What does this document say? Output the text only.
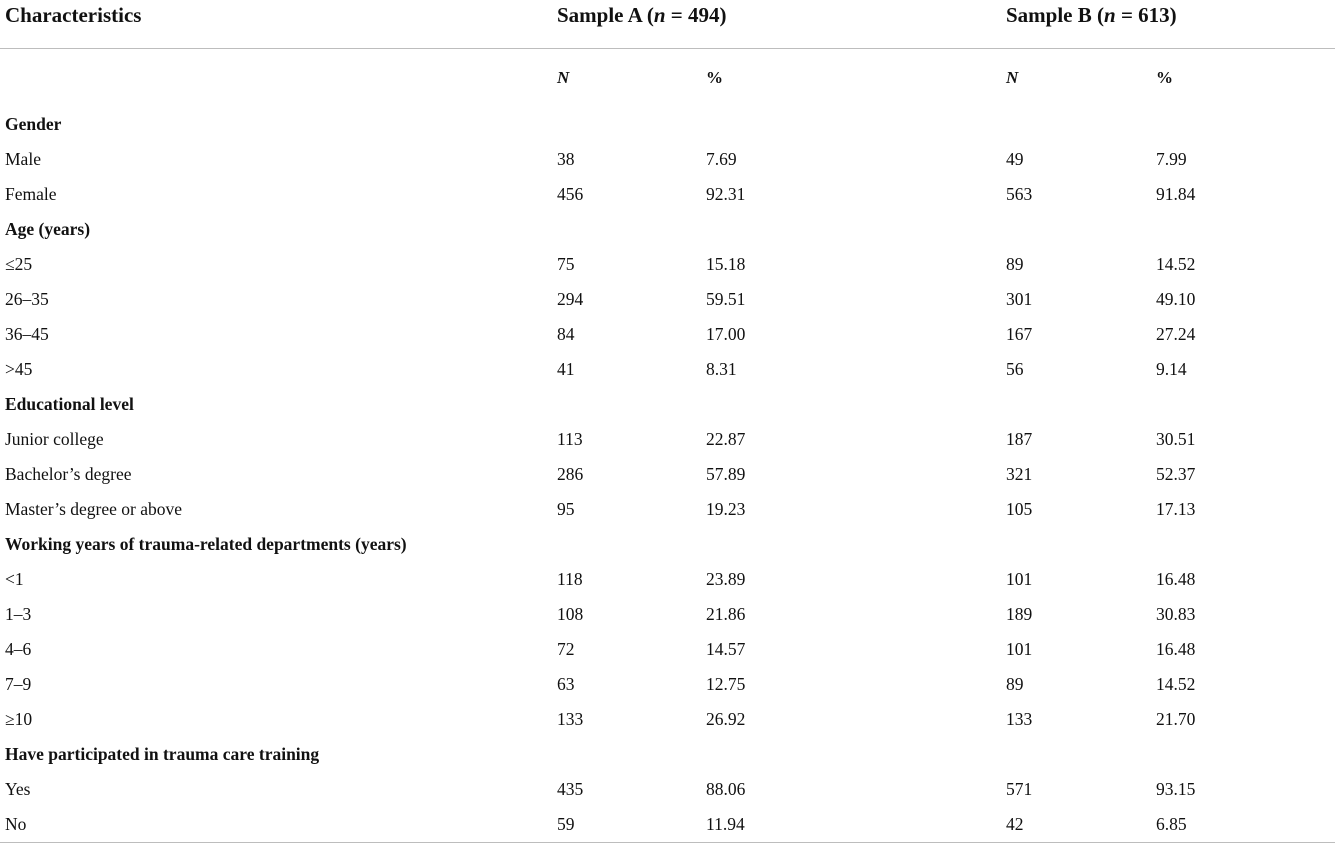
Characteristics	Sample A (n = 494)	Sample B (n = 613)
N	%	N	%
Gender
Male	38	7.69	49	7.99
Female	456	92.31	563	91.84
Age (years)
≤25	75	15.18	89	14.52
26–35	294	59.51	301	49.10
36–45	84	17.00	167	27.24
>45	41	8.31	56	9.14
Educational level
Junior college	113	22.87	187	30.51
Bachelor’s degree	286	57.89	321	52.37
Master’s degree or above	95	19.23	105	17.13
Working years of trauma-related departments (years)
<1	118	23.89	101	16.48
1–3	108	21.86	189	30.83
4–6	72	14.57	101	16.48
7–9	63	12.75	89	14.52
≥10	133	26.92	133	21.70
Have participated in trauma care training
Yes	435	88.06	571	93.15
No	59	11.94	42	6.85
